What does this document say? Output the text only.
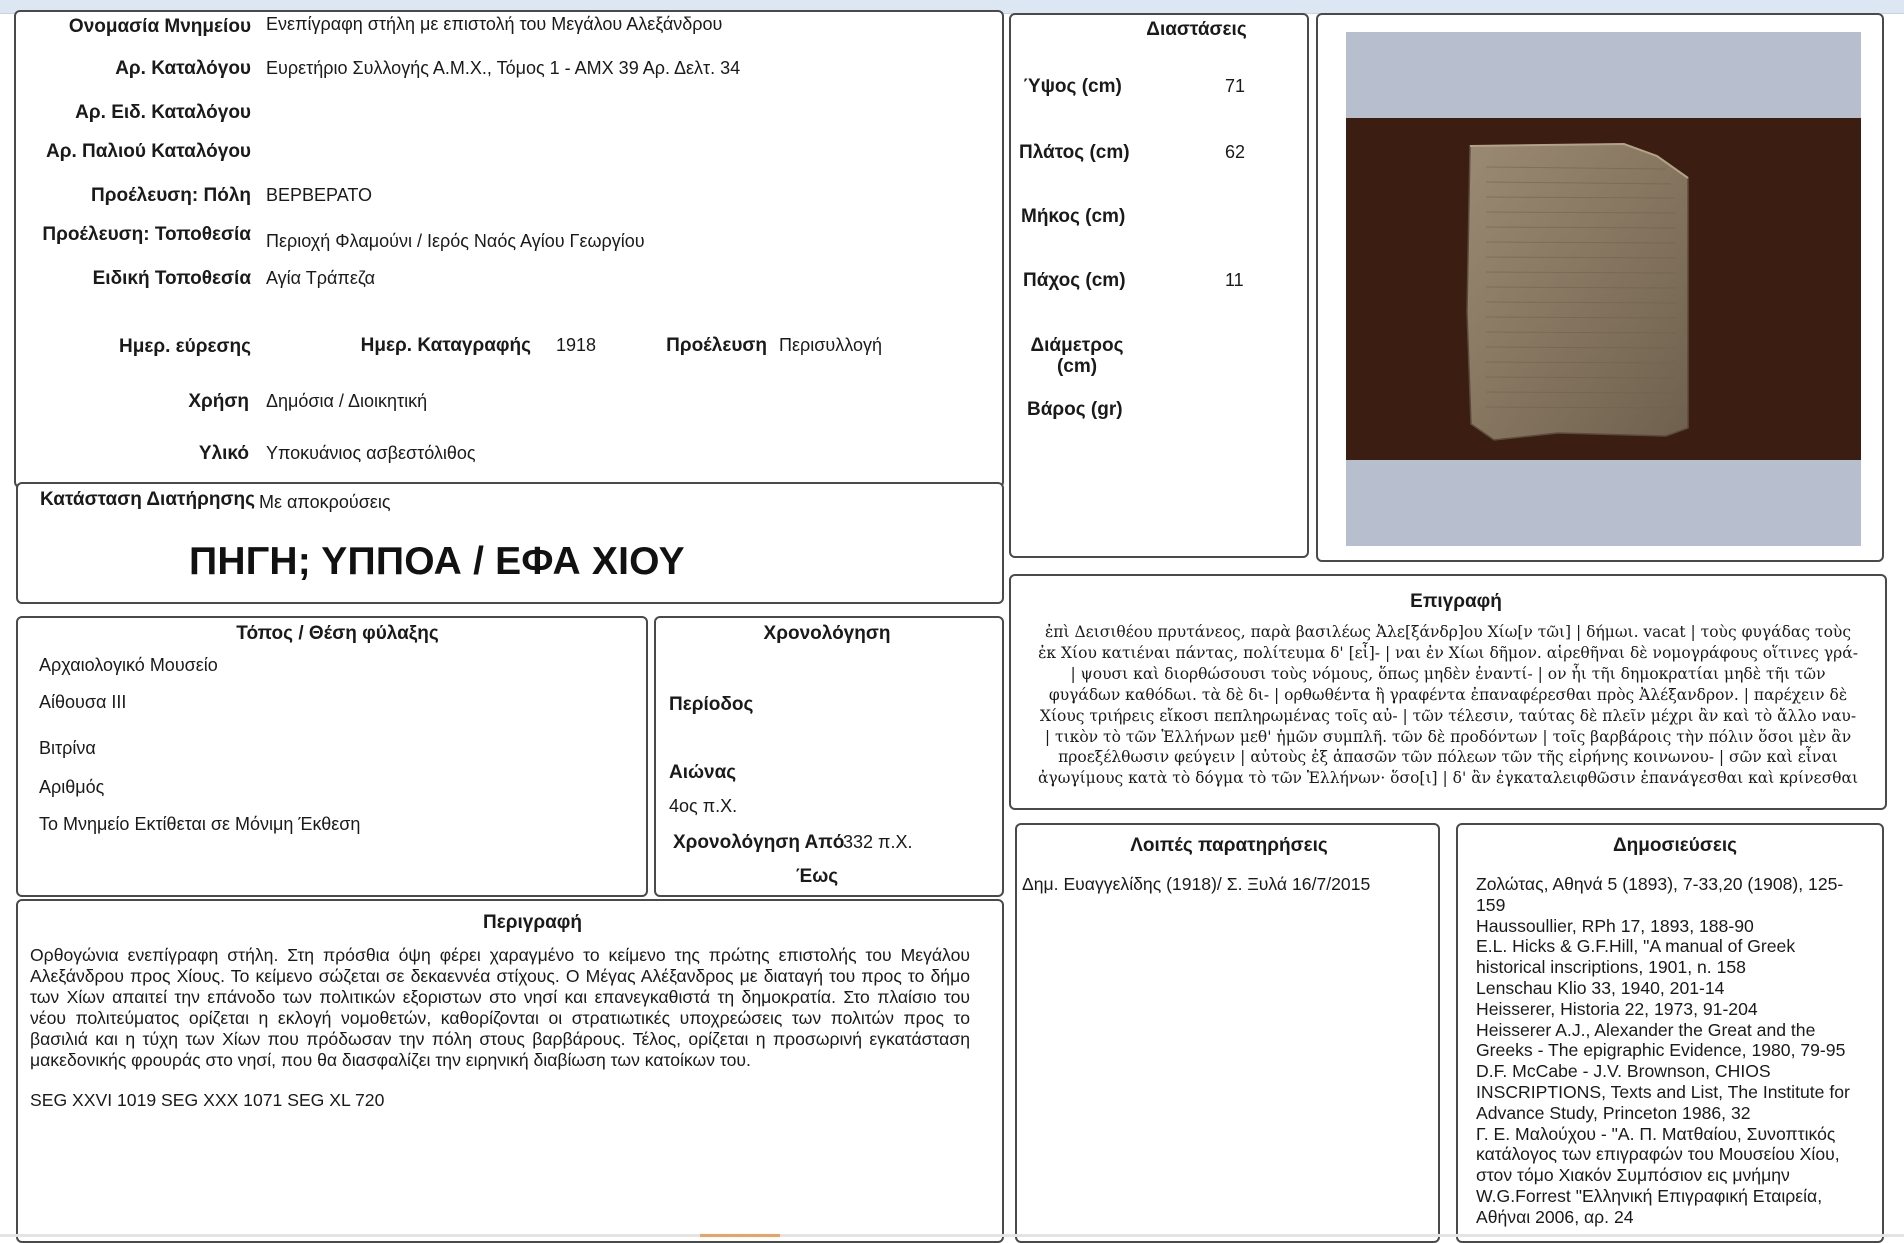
Ονομασία Μνημείου Ενεπίγραφη στήλη με επιστολή του Μεγάλου Αλεξάνδρου
Αρ. Καταλόγου Ευρετήριο Συλλογής Α.Μ.Χ., Τόμος 1 - ΑΜΧ 39 Αρ. Δελτ. 34
Αρ. Ειδ. Καταλόγου
Αρ. Παλιού Καταλόγου
Προέλευση: Πόλη ΒΕΡΒΕΡΑΤΟ
Προέλευση: Τοποθεσία Περιοχή Φλαμούνι / Ιερός Ναός Αγίου Γεωργίου
Ειδική Τοποθεσία Αγία Τράπεζα
Ημερ. εύρεσης	Ημερ. Καταγραφής 1918	Προέλευση Περισυλλογή
Χρήση Δημόσια / Διοικητική
Υλικό Υποκυάνιος ασβεστόλιθος
Κατάσταση Διατήρησης Με αποκρούσεις
ΠΗΓΗ; ΥΠΠΟΑ / ΕΦΑ ΧΙΟΥ
Διαστάσεις
Ύψος (cm)	71
Πλάτος (cm)	62
Μήκος (cm)
Πάχος (cm)	11
Διάμετρος
(cm)
Βάρος (gr)
Επιγραφή
ἐπὶ Δεισιθέου πρυτάνεος, παρὰ βασιλέως Ἀλε[ξάνδρ]ου Χίω[ν τῶι] | δήμωι. vacat | τοὺς φυγάδας τοὺς
ἐκ Χίου κατιέναι πάντας, πολίτευμα δ' [εἶ]- | ναι ἐν Χίωι δῆμον. αἱρεθῆναι δὲ νομογράφους οἵτινες γρά-
| ψουσι καὶ διορθώσουσι τοὺς νόμους, ὅπως μηδὲν ἐναντί- | ον ἧι τῆι δημοκρατίαι μηδὲ τῆι τῶν
φυγάδων καθόδωι. τὰ δὲ δι- | ορθωθέντα ἢ γραφέντα ἐπαναφέρεσθαι πρὸς Ἀλέξανδρον. | παρέχειν δὲ
Χίους τριήρεις εἴκοσι πεπληρωμένας τοῖς αὐ- | τῶν τέλεσιν, ταύτας δὲ πλεῖν μέχρι ἂν καὶ τὸ ἄλλο ναυ-
| τικὸν τὸ τῶν Ἑλλήνων μεθ' ἡμῶν συμπλῆ. τῶν δὲ προδόντων | τοῖς βαρβάροις τὴν πόλιν ὅσοι μὲν ἂν
προεξέλθωσιν φεύγειν | αὐτοὺς ἐξ ἁπασῶν τῶν πόλεων τῶν τῆς εἰρήνης κοινωνου- | σῶν καὶ εἶναι
ἀγωγίμους κατὰ τὸ δόγμα τὸ τῶν Ἑλλήνων· ὅσο[ι] | δ' ἂν ἐγκαταλειφθῶσιν ἐπανάγεσθαι καὶ κρίνεσθαι
Τόπος / Θέση φύλαξης
Αρχαιολογικό Μουσείο
Αίθουσα ΙΙΙ
Βιτρίνα
Αριθμός
Το Μνημείο Εκτίθεται σε Μόνιμη Έκθεση
Χρονολόγηση
Περίοδος
Αιώνας
4ος π.Χ.
Χρονολόγηση Από
332 π.Χ.
Έως
Περιγραφή
Ορθογώνια ενεπίγραφη στήλη. Στη πρόσθια όψη φέρει χαραγμένο το κείμενο της πρώτης επιστολής του Μεγάλου Αλεξάνδρου προς Χίους. Το κείμενο σώζεται σε δεκαεννέα στίχους. Ο Μέγας Αλέξανδρος με διαταγή του προς το δήμο των Χίων απαιτεί την επάνοδο των πολιτικών εξοριστων στο νησί και επανεγκαθιστά τη δημοκρατία. Στο πλαίσιο του νέου πολιτεύματος ορίζεται η εκλογή νομοθετών, καθορίζονται οι στρατιωτικές υποχρεώσεις των πολιτών προς το βασιλιά και η τύχη των Χίων που πρόδωσαν την πόλη στους βαρβάρους. Τέλος, ορίζεται η προσωρινή εγκατάσταση μακεδονικής φρουράς στο νησί, που θα διασφαλίζει την ειρηνική διαβίωση των κατοίκων του.
SEG XXVI 1019 SEG XXX 1071 SEG XL 720
Λοιπές παρατηρήσεις
Δημ. Ευαγγελίδης (1918)/ Σ. Ξυλά 16/7/2015
Δημοσιεύσεις
Ζολώτας, Αθηνά 5 (1893), 7-33,20 (1908), 125-159
Haussoullier, RPh 17, 1893, 188-90
E.L. Hicks & G.F.Hill, "A manual of Greek historical inscriptions, 1901, n. 158
Lenschau Klio 33, 1940, 201-14
Heisserer, Historia 22, 1973, 91-204
Heisserer A.J., Alexander the Great and the Greeks - The epigraphic Evidence, 1980, 79-95
D.F. McCabe - J.V. Brownson, CHIOS INSCRIPTIONS, Texts and List, The Institute for Advance Study, Princeton 1986, 32
Γ. Ε. Μαλούχου - "Α. Π. Ματθαίου, Συνοπτικός κατάλογος των επιγραφών του Μουσείου Χίου, στον τόμο Χιακόν Συμπόσιον εις μνήμην W.G.Forrest "Ελληνική Επιγραφική Εταιρεία, Αθήναι 2006, αρ. 24
